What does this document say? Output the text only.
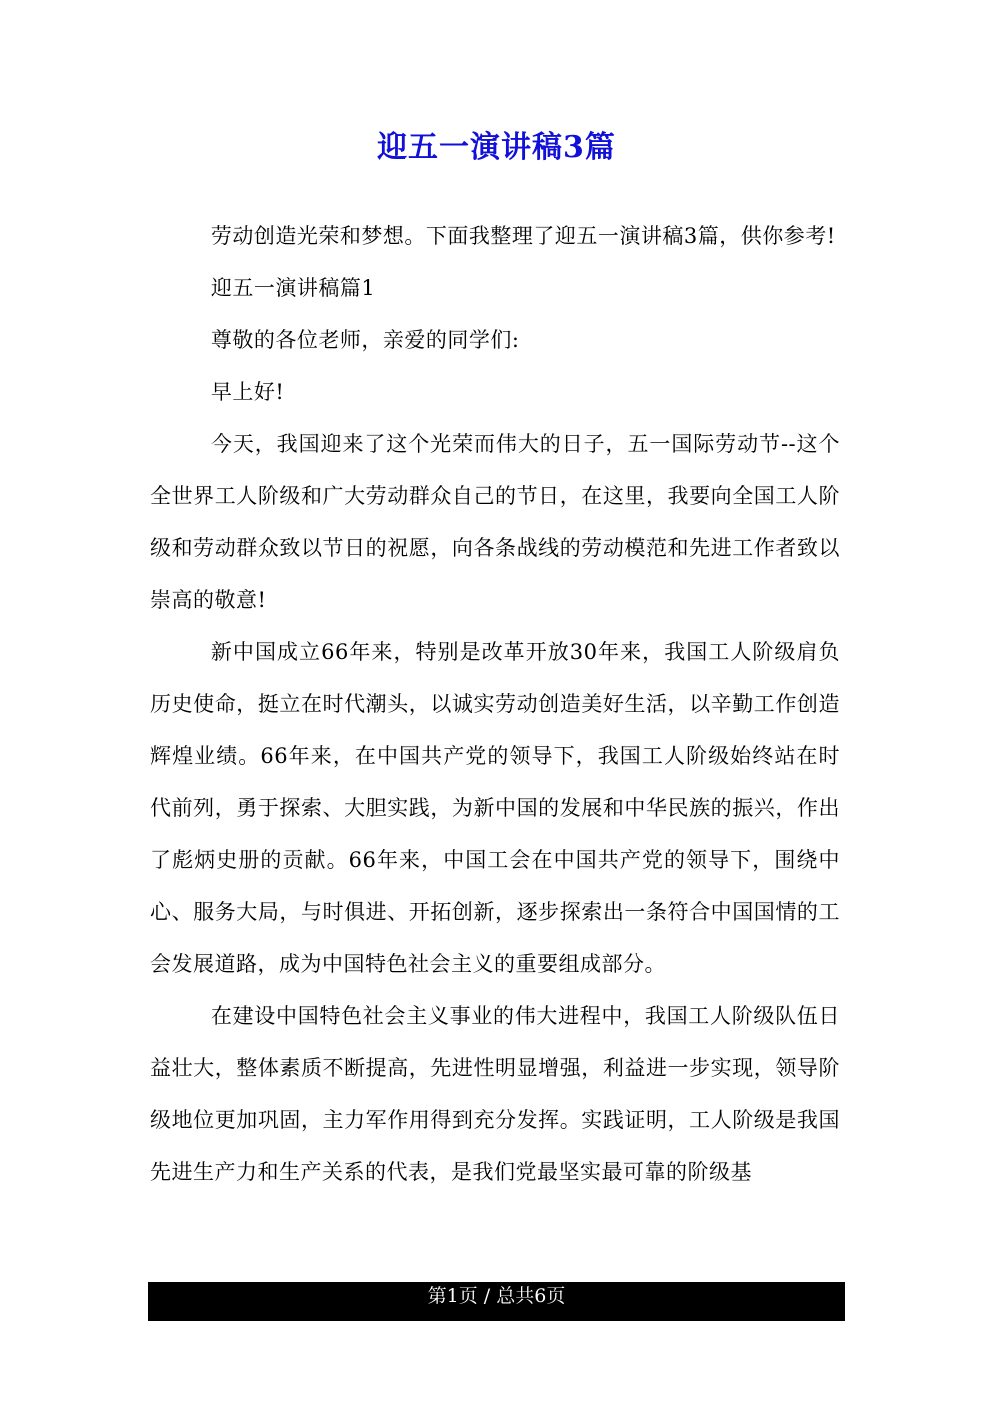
迎五一演讲稿3篇

劳动创造光荣和梦想。下面我整理了迎五一演讲稿3篇，供你参考!

迎五一演讲稿篇1

尊敬的各位老师，亲爱的同学们:

早上好!

今天，我国迎来了这个光荣而伟大的日子，五一国际劳动节--这个全世界工人阶级和广大劳动群众自己的节日，在这里，我要向全国工人阶级和劳动群众致以节日的祝愿，向各条战线的劳动模范和先进工作者致以崇高的敬意!

新中国成立66年来，特别是改革开放30年来，我国工人阶级肩负历史使命，挺立在时代潮头，以诚实劳动创造美好生活，以辛勤工作创造辉煌业绩。66年来，在中国共产党的领导下，我国工人阶级始终站在时代前列，勇于探索、大胆实践，为新中国的发展和中华民族的振兴，作出了彪炳史册的贡献。66年来，中国工会在中国共产党的领导下，围绕中心、服务大局，与时俱进、开拓创新，逐步探索出一条符合中国国情的工会发展道路，成为中国特色社会主义的重要组成部分。

在建设中国特色社会主义事业的伟大进程中，我国工人阶级队伍日益壮大，整体素质不断提高，先进性明显增强，利益进一步实现，领导阶级地位更加巩固，主力军作用得到充分发挥。实践证明，工人阶级是我国先进生产力和生产关系的代表，是我们党最坚实最可靠的阶级基

第1页 / 总共6页
